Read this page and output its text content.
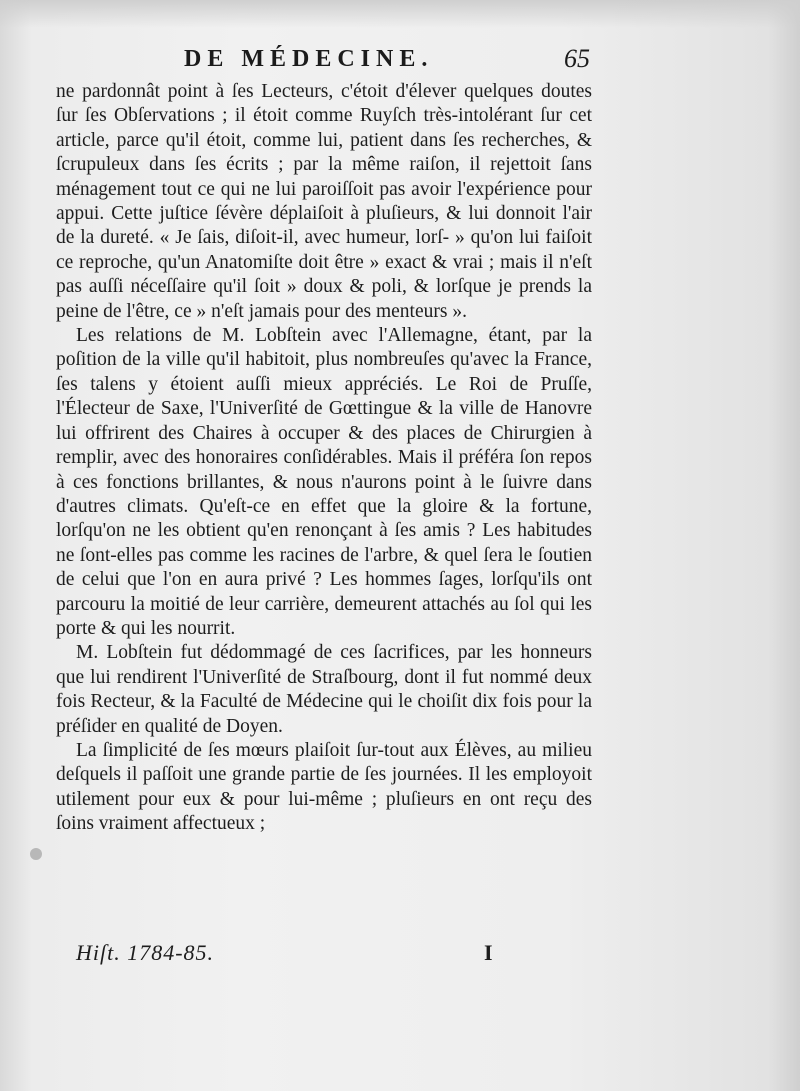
DE MÉDECINE.	65

ne pardonnât point à ſes Lecteurs, c'étoit d'élever quelques doutes ſur ſes Obſervations ; il étoit comme Ruyſch très-intolérant ſur cet article, parce qu'il étoit, comme lui, patient dans ſes recherches, & ſcrupuleux dans ſes écrits ; par la même raiſon, il rejettoit ſans ménagement tout ce qui ne lui paroiſſoit pas avoir l'expérience pour appui. Cette juſtice ſévère déplaiſoit à pluſieurs, & lui donnoit l'air de la dureté. « Je ſais, diſoit-il, avec humeur, lorſ- » qu'on lui faiſoit ce reproche, qu'un Anatomiſte doit être » exact & vrai ; mais il n'eſt pas auſſi néceſſaire qu'il ſoit » doux & poli, & lorſque je prends la peine de l'être, ce » n'eſt jamais pour des menteurs ».

Les relations de M. Lobſtein avec l'Allemagne, étant, par la poſition de la ville qu'il habitoit, plus nombreuſes qu'avec la France, ſes talens y étoient auſſi mieux appréciés. Le Roi de Pruſſe, l'Électeur de Saxe, l'Univerſité de Gœttingue & la ville de Hanovre lui offrirent des Chaires à occuper & des places de Chirurgien à remplir, avec des honoraires conſidérables. Mais il préféra ſon repos à ces fonctions brillantes, & nous n'aurons point à le ſuivre dans d'autres climats. Qu'eſt-ce en effet que la gloire & la fortune, lorſqu'on ne les obtient qu'en renonçant à ſes amis ? Les habitudes ne ſont-elles pas comme les racines de l'arbre, & quel ſera le ſoutien de celui que l'on en aura privé ? Les hommes ſages, lorſqu'ils ont parcouru la moitié de leur carrière, demeurent attachés au ſol qui les porte & qui les nourrit.

M. Lobſtein fut dédommagé de ces ſacrifices, par les honneurs que lui rendirent l'Univerſité de Straſbourg, dont il fut nommé deux fois Recteur, & la Faculté de Médecine qui le choiſit dix fois pour la préſider en qualité de Doyen.

La ſimplicité de ſes mœurs plaiſoit ſur-tout aux Élèves, au milieu deſquels il paſſoit une grande partie de ſes journées. Il les employoit utilement pour eux & pour lui-même ; pluſieurs en ont reçu des ſoins vraiment affectueux ;

Hiſt. 1784-85.	I
